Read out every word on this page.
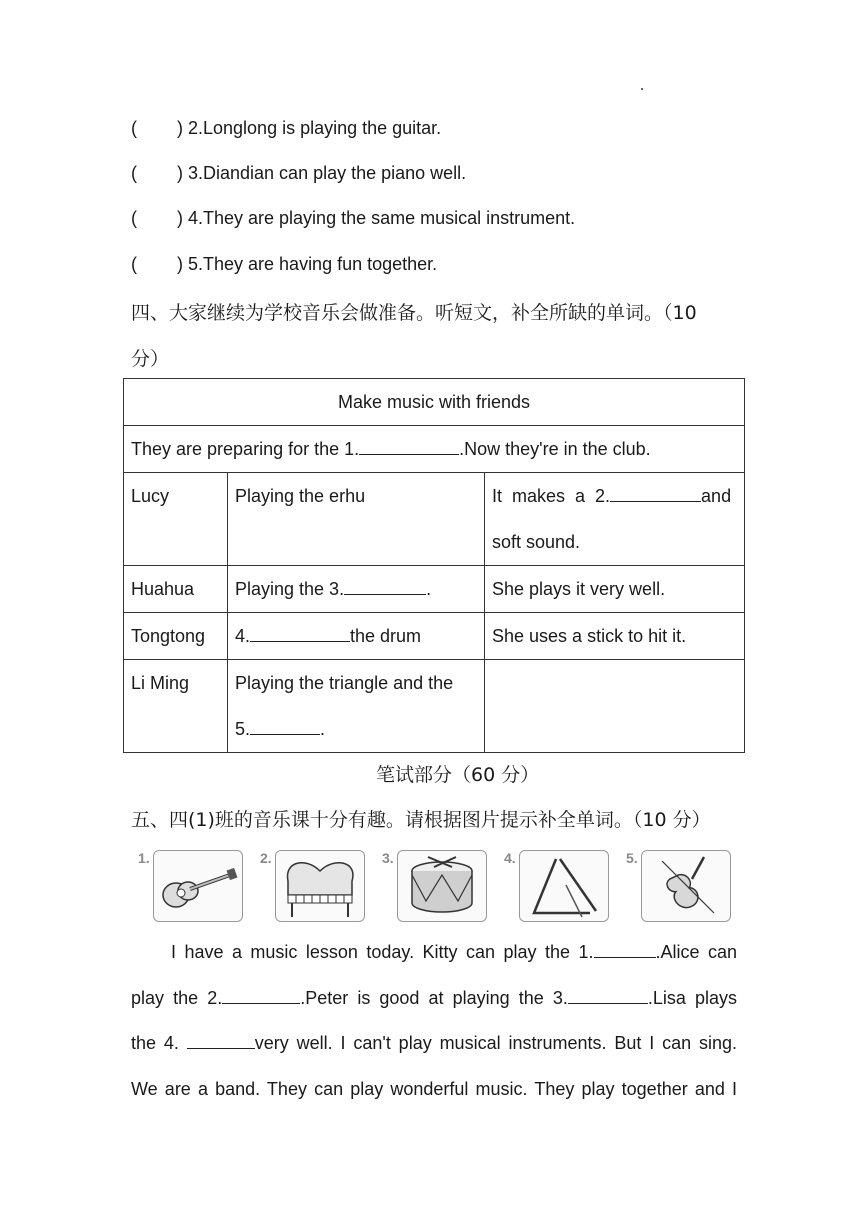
( ) 2.Longlong is playing the guitar.
( ) 3.Diandian can play the piano well.
( ) 4.They are playing the same musical instrument.
( ) 5.They are having fun together.
四、大家继续为学校音乐会做准备。听短文，补全所缺的单词。（10
分）
Make music with friends		
They are preparing for the 1. .Now they're in the club.		
Lucy	Playing the erhu	It  makes  a  2. and
soft sound.
Huahua	Playing the 3. .	She plays it very well.
Tongtong	4. the drum	She uses a stick to hit it.
Li Ming	Playing the triangle and the
5. .	
笔试部分（60 分）
五、四(1)班的音乐课十分有趣。请根据图片提示补全单词。（10 分）
1.	2.	3.	4.	5.
I have a music lesson today. Kitty can play the 1.	.Alice can
play the 2.	.Peter is good at playing the 3.	.Lisa plays
the 4.	very well. I can't play musical instruments. But I can sing.
We are a band. They can play wonderful music. They play together and I
